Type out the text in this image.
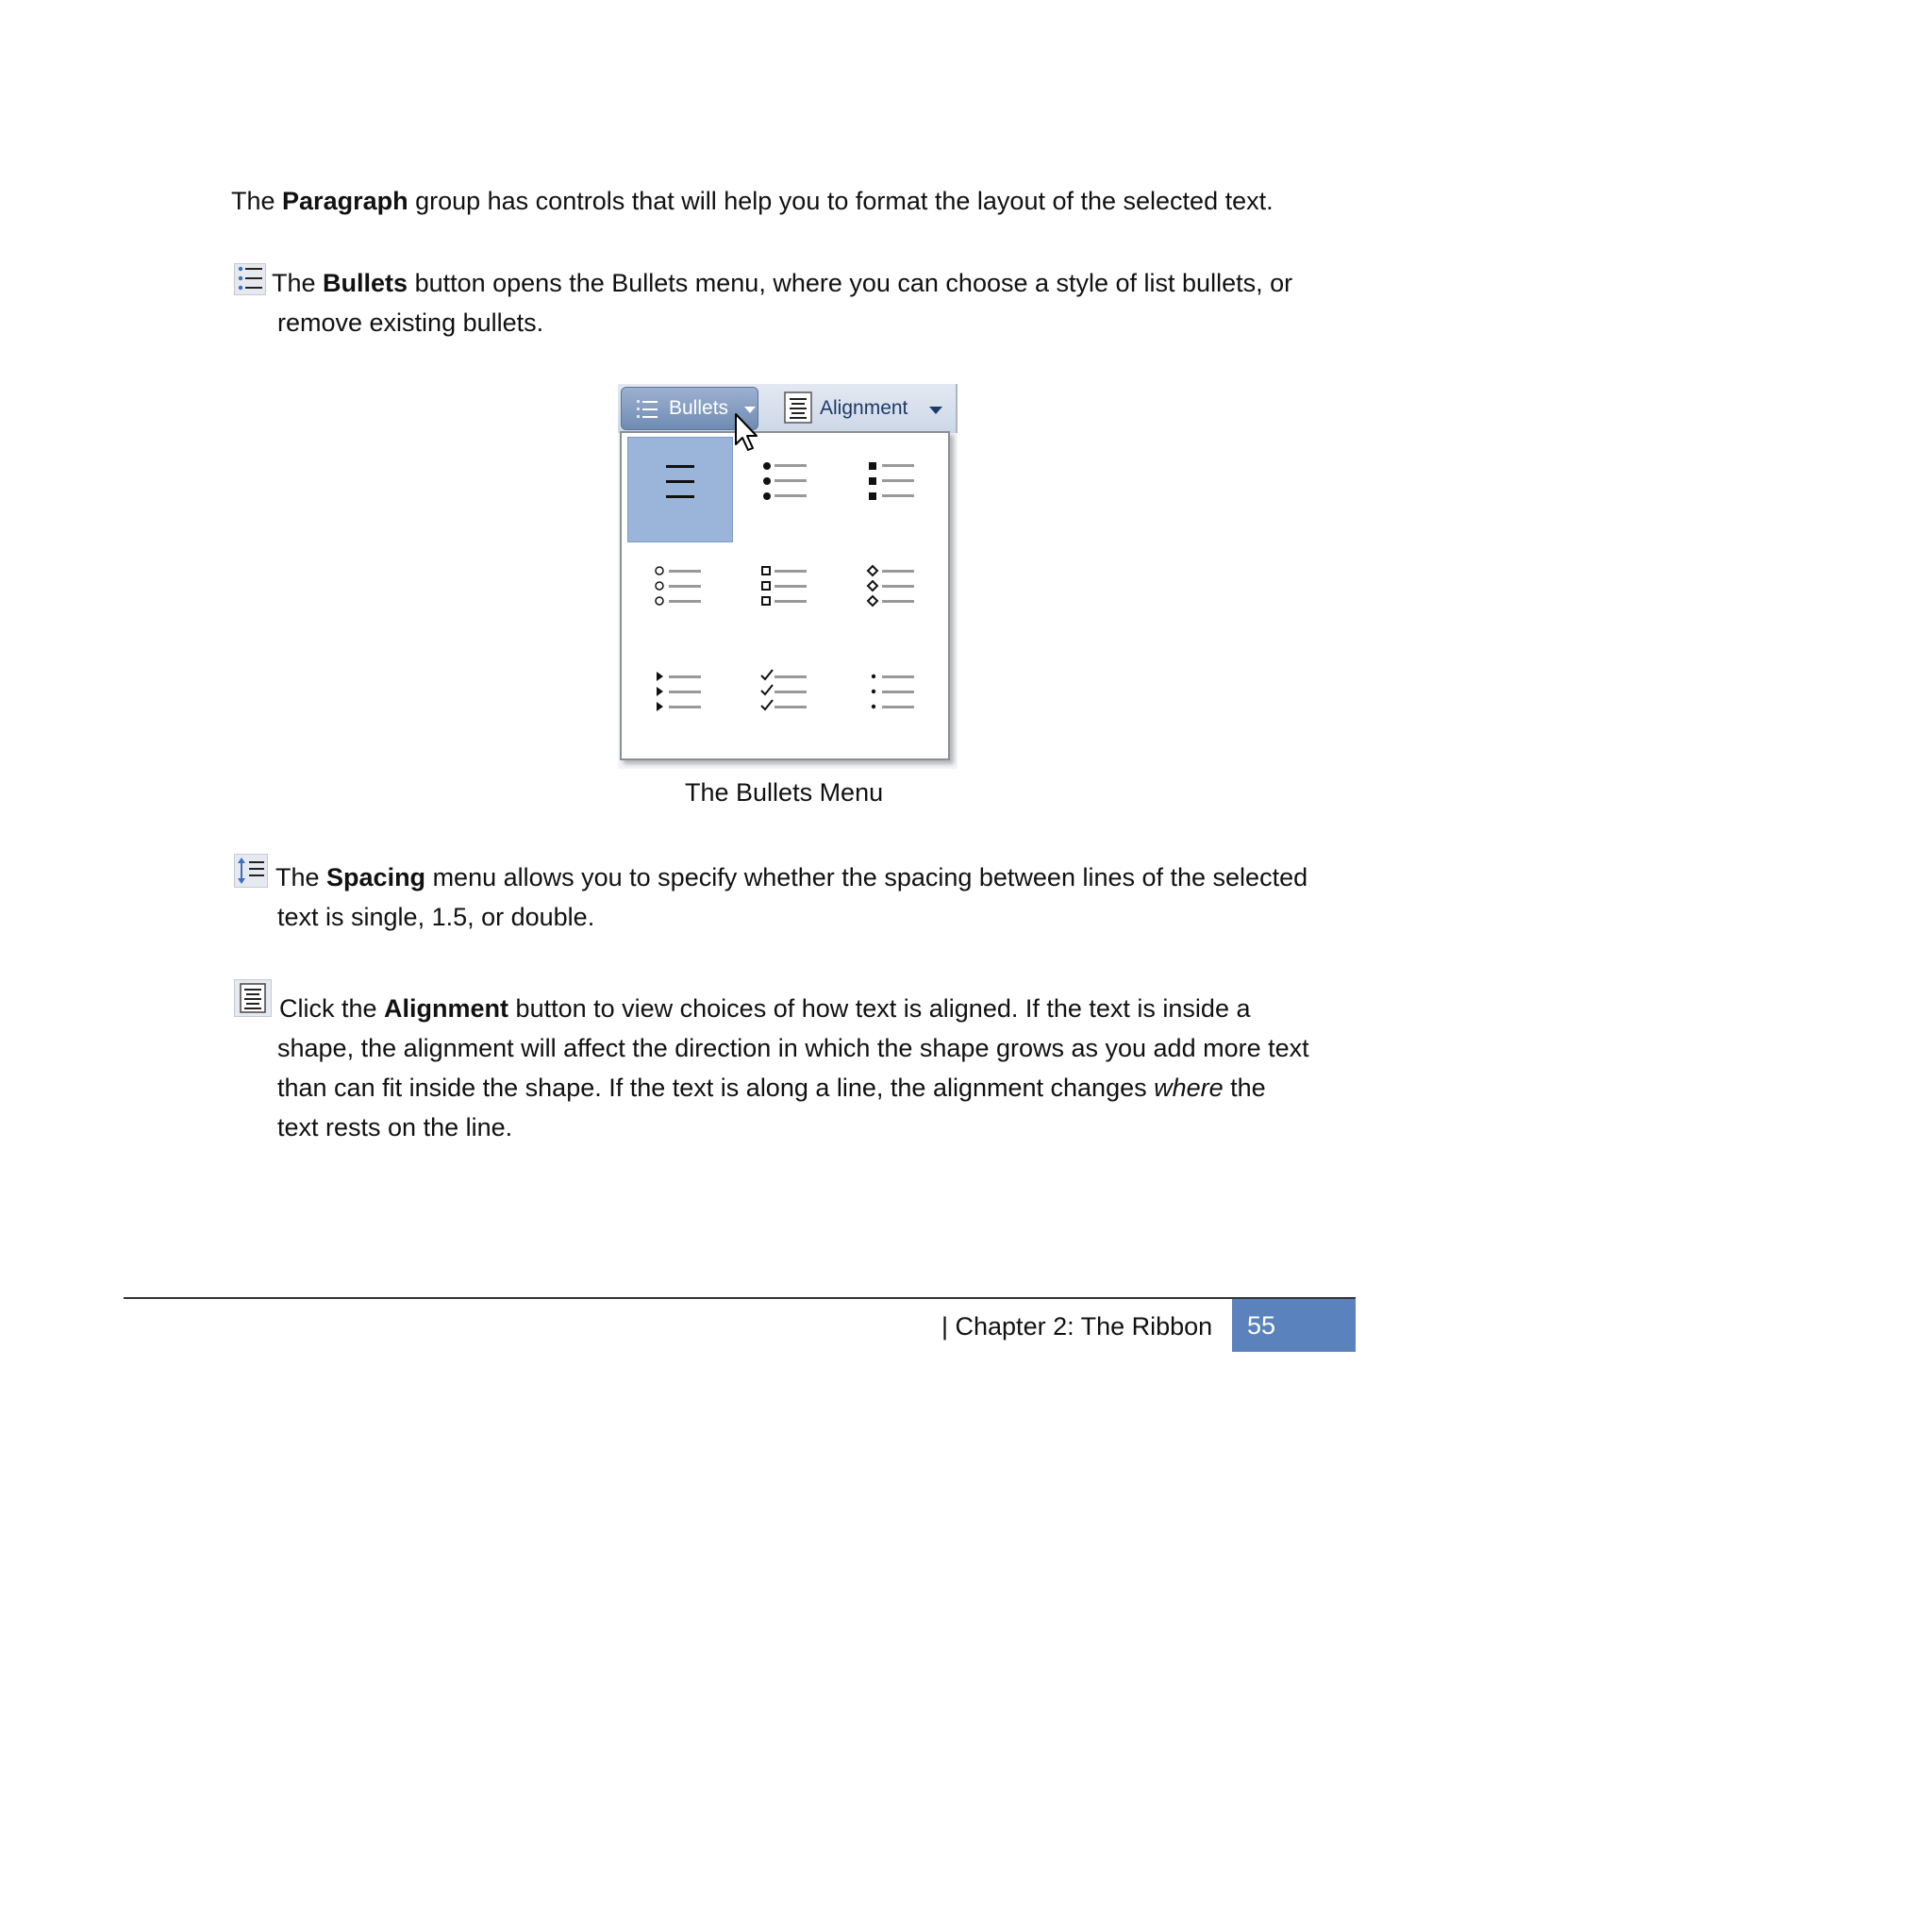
The Paragraph group has controls that will help you to format the layout of the selected text.
The Bullets button opens the Bullets menu, where you can choose a style of list bullets, or
remove existing bullets.
Bullets	Alignment
The Bullets Menu
The Spacing menu allows you to specify whether the spacing between lines of the selected
text is single, 1.5, or double.
Click the Alignment button to view choices of how text is aligned. If the text is inside a
shape, the alignment will affect the direction in which the shape grows as you add more text
than can fit inside the shape. If the text is along a line, the alignment changes where the
text rests on the line.
| Chapter 2: The Ribbon 55
